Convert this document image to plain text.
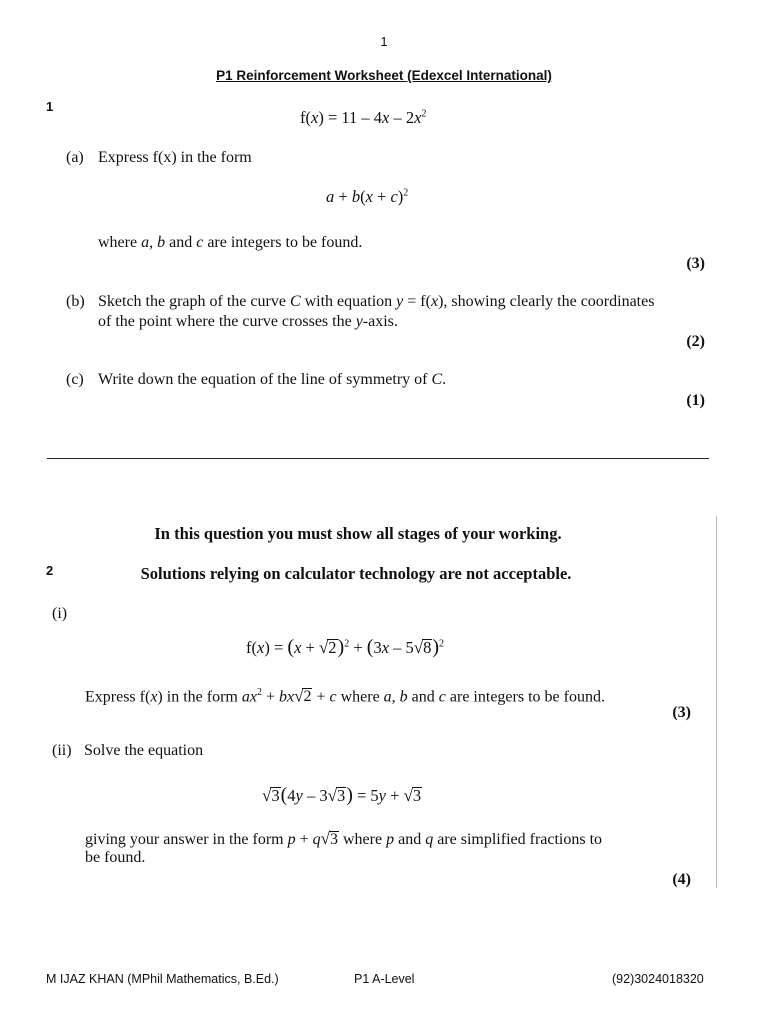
1
P1 Reinforcement Worksheet (Edexcel International)
1
$f(x) = 11 - 4x - 2x^2$
(a) Express f(x) in the form
$a + b(x + c)^2$
where a, b and c are integers to be found.
(3)
(b) Sketch the graph of the curve C with equation y = f(x), showing clearly the coordinates
of the point where the curve crosses the y-axis.
(2)
(c) Write down the equation of the line of symmetry of C.
(1)
In this question you must show all stages of your working.
2	Solutions relying on calculator technology are not acceptable.
(i)
$f(x) = (x + √2)^2 + (3x - 5√8)^2$
Express f(x) in the form $ax^2 + bx√2 + c$ where a, b and c are integers to be found.
(3)
(ii) Solve the equation
√3(4y – 3√3) = 5y + √3
giving your answer in the form p + q√3 where p and q are simplified fractions to
be found.
(4)
M IJAZ KHAN (MPhil Mathematics, B.Ed.)	P1 A-Level	(92)3024018320
